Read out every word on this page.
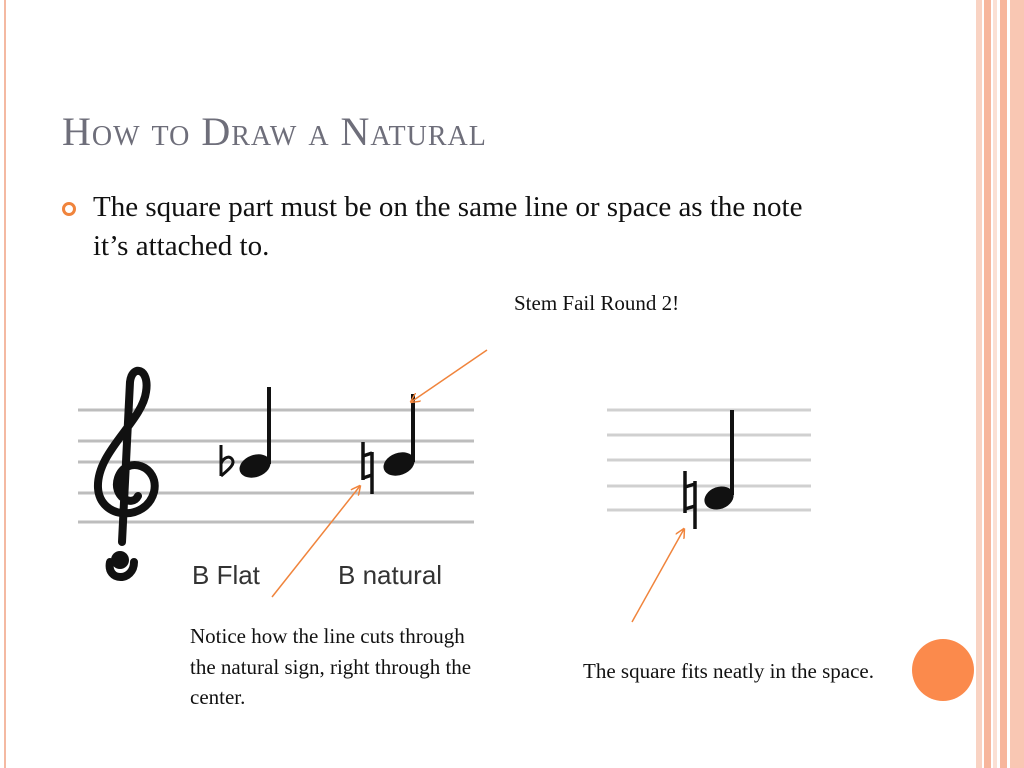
How to Draw a Natural
The square part must be on the same line or space as the note it’s attached to.
Stem Fail Round 2!
B Flat	B natural
Notice how the line cuts through the natural sign, right through the center.
The square fits neatly in the space.
